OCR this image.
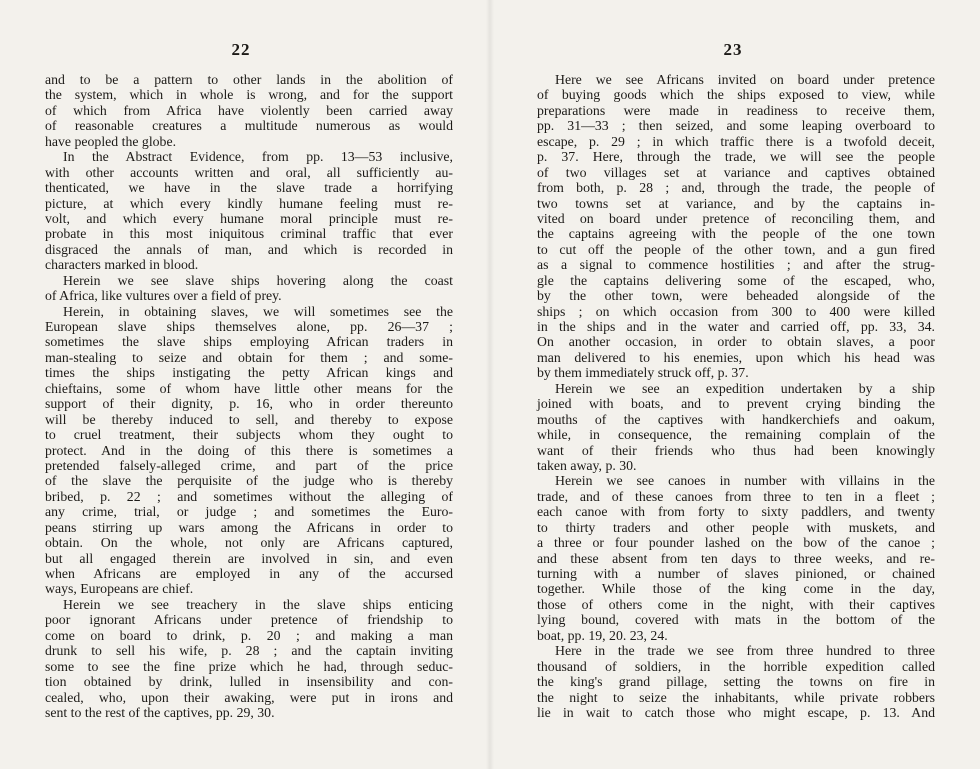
22
and to be a pattern to other lands in the abolition of
the system, which in whole is wrong, and for the support
of which from Africa have violently been carried away
of reasonable creatures a multitude numerous as would
have peopled the globe.
In the Abstract Evidence, from pp. 13—53 inclusive,
with other accounts written and oral, all sufficiently au-
thenticated, we have in the slave trade a horrifying
picture, at which every kindly humane feeling must re-
volt, and which every humane moral principle must re-
probate in this most iniquitous criminal traffic that ever
disgraced the annals of man, and which is recorded in
characters marked in blood.
Herein we see slave ships hovering along the coast
of Africa, like vultures over a field of prey.
Herein, in obtaining slaves, we will sometimes see the
European slave ships themselves alone, pp. 26—37 ;
sometimes the slave ships employing African traders in
man-stealing to seize and obtain for them ; and some-
times the ships instigating the petty African kings and
chieftains, some of whom have little other means for the
support of their dignity, p. 16, who in order thereunto
will be thereby induced to sell, and thereby to expose
to cruel treatment, their subjects whom they ought to
protect. And in the doing of this there is sometimes a
pretended falsely-alleged crime, and part of the price
of the slave the perquisite of the judge who is thereby
bribed, p. 22 ; and sometimes without the alleging of
any crime, trial, or judge ; and sometimes the Euro-
peans stirring up wars among the Africans in order to
obtain. On the whole, not only are Africans captured,
but all engaged therein are involved in sin, and even
when Africans are employed in any of the accursed
ways, Europeans are chief.
Herein we see treachery in the slave ships enticing
poor ignorant Africans under pretence of friendship to
come on board to drink, p. 20 ; and making a man
drunk to sell his wife, p. 28 ; and the captain inviting
some to see the fine prize which he had, through seduc-
tion obtained by drink, lulled in insensibility and con-
cealed, who, upon their awaking, were put in irons and
sent to the rest of the captives, pp. 29, 30.
23
Here we see Africans invited on board under pretence
of buying goods which the ships exposed to view, while
preparations were made in readiness to receive them,
pp. 31—33 ; then seized, and some leaping overboard to
escape, p. 29 ; in which traffic there is a twofold deceit,
p. 37. Here, through the trade, we will see the people
of two villages set at variance and captives obtained
from both, p. 28 ; and, through the trade, the people of
two towns set at variance, and by the captains in-
vited on board under pretence of reconciling them, and
the captains agreeing with the people of the one town
to cut off the people of the other town, and a gun fired
as a signal to commence hostilities ; and after the strug-
gle the captains delivering some of the escaped, who,
by the other town, were beheaded alongside of the
ships ; on which occasion from 300 to 400 were killed
in the ships and in the water and carried off, pp. 33, 34.
On another occasion, in order to obtain slaves, a poor
man delivered to his enemies, upon which his head was
by them immediately struck off, p. 37.
Herein we see an expedition undertaken by a ship
joined with boats, and to prevent crying binding the
mouths of the captives with handkerchiefs and oakum,
while, in consequence, the remaining complain of the
want of their friends who thus had been knowingly
taken away, p. 30.
Herein we see canoes in number with villains in the
trade, and of these canoes from three to ten in a fleet ;
each canoe with from forty to sixty paddlers, and twenty
to thirty traders and other people with muskets, and
a three or four pounder lashed on the bow of the canoe ;
and these absent from ten days to three weeks, and re-
turning with a number of slaves pinioned, or chained
together. While those of the king come in the day,
those of others come in the night, with their captives
lying bound, covered with mats in the bottom of the
boat, pp. 19, 20. 23, 24.
Here in the trade we see from three hundred to three
thousand of soldiers, in the horrible expedition called
the king's grand pillage, setting the towns on fire in
the night to seize the inhabitants, while private robbers
lie in wait to catch those who might escape, p. 13. And
